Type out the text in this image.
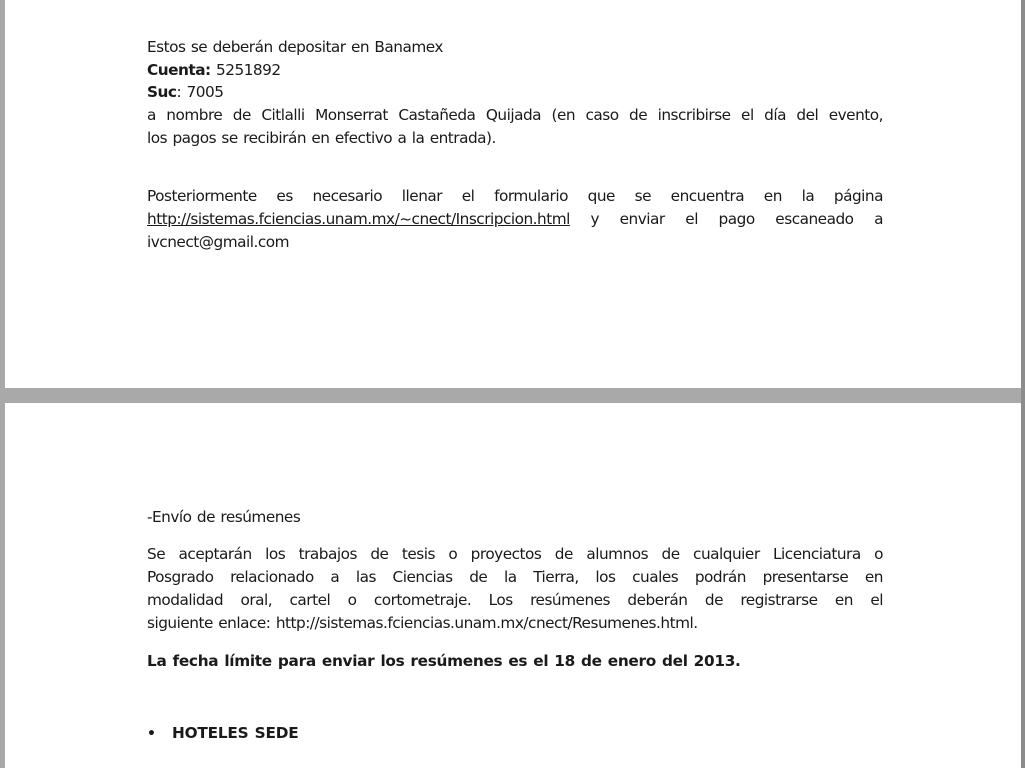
Estos se deberán depositar en Banamex
Cuenta: 5251892
Suc: 7005
a nombre de Citlalli Monserrat Castañeda Quijada (en caso de inscribirse el día del evento,
los pagos se recibirán en efectivo a la entrada).
Posteriormente es necesario llenar el formulario que se encuentra en la página
http://sistemas.fciencias.unam.mx/~cnect/Inscripcion.html y enviar el pago escaneado a
ivcnect@gmail.com
-Envío de resúmenes
Se aceptarán los trabajos de tesis o proyectos de alumnos de cualquier Licenciatura o
Posgrado relacionado a las Ciencias de la Tierra, los cuales podrán presentarse en
modalidad oral, cartel o cortometraje. Los resúmenes deberán de registrarse en el
siguiente enlace: http://sistemas.fciencias.unam.mx/cnect/Resumenes.html.
La fecha límite para enviar los resúmenes es el 18 de enero del 2013.
• HOTELES SEDE
